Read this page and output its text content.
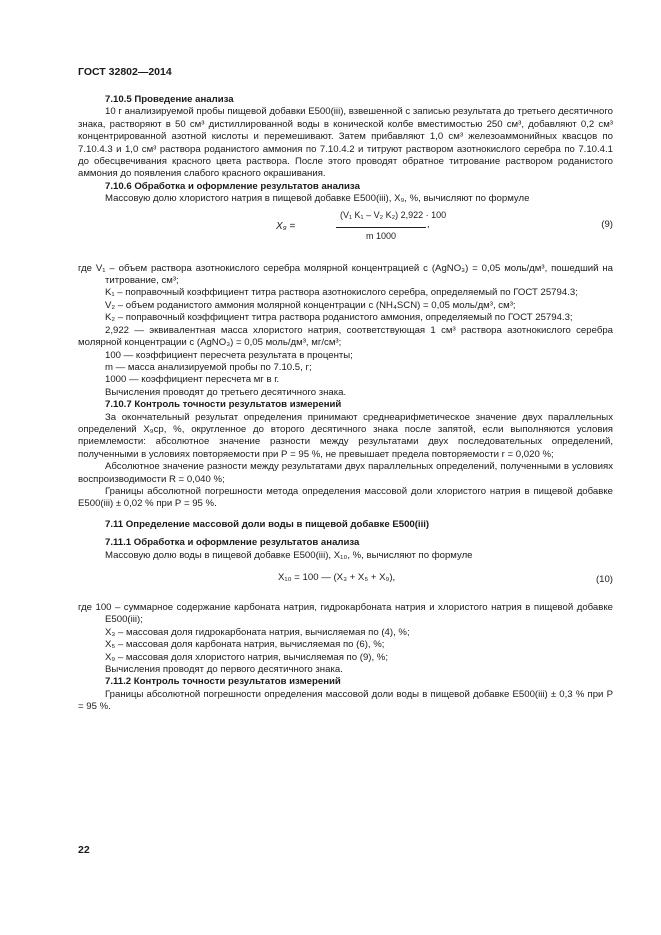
ГОСТ 32802—2014

7.10.5 Проведение анализа

10 г анализируемой пробы пищевой добавки Е500(iii), взвешенной с записью результата до третьего десятичного знака, растворяют в 50 см³ дистиллированной воды в конической колбе вместимостью 250 см³, добавляют 0,2 см³ концентрированной азотной кислоты и перемешивают. Затем прибавляют 1,0 см³ железоаммонийных квасцов по 7.10.4.3 и 1,0 см³ раствора роданистого аммония по 7.10.4.2 и титруют раствором азотнокислого серебра по 7.10.4.1 до обесцвечивания красного цвета раствора. После этого проводят обратное титрование раствором роданистого аммония до появления слабого красного окрашивания.

7.10.6 Обработка и оформление результатов анализа

Массовую долю хлористого натрия в пищевой добавке Е500(iii), X₉, %, вычисляют по формуле

X₉ =
(V₁ K₁ – V₂ K₂) 2,922 · 100
m 1000
,	(9)

где V₁ – объем раствора азотнокислого серебра молярной концентрацией с (AgNO₃) = 0,05 моль/дм³, пошедший на титрование, см³;

K₁ – поправочный коэффициент титра раствора азотнокислого серебра, определяемый по ГОСТ 25794.3;

V₂ – объем роданистого аммония молярной концентрации с (NH₄SCN) = 0,05 моль/дм³, см³;

K₂ – поправочный коэффициент титра раствора роданистого аммония, определяемый по ГОСТ 25794.3;

2,922 — эквивалентная масса хлористого натрия, соответствующая 1 см³ раствора азотнокислого серебра молярной концентрации с (AgNO₃) = 0,05 моль/дм³, мг/см³;

100 — коэффициент пересчета результата в проценты;

m — масса анализируемой пробы по 7.10.5, г;

1000 — коэффициент пересчета мг в г.

Вычисления проводят до третьего десятичного знака.

7.10.7 Контроль точности результатов измерений

За окончательный результат определения принимают среднеарифметическое значение двух параллельных определений X₉ср, %, округленное до второго десятичного знака после запятой, если выполняются условия приемлемости: абсолютное значение разности между результатами двух последовательных определений, полученными в условиях повторяемости при Р = 95 %, не превышает предела повторяемости r = 0,020 %;

Абсолютное значение разности между результатами двух параллельных определений, полученными в условиях воспроизводимости R = 0,040 %;

Границы абсолютной погрешности метода определения массовой доли хлористого натрия в пищевой добавке Е500(iii) ± 0,02 % при Р = 95 %.

7.11 Определение массовой доли воды в пищевой добавке Е500(iii)

7.11.1 Обработка и оформление результатов анализа

Массовую долю воды в пищевой добавке Е500(iii), X₁₀, %, вычисляют по формуле

X₁₀ = 100 — (X₃ + X₅ + X₉),	(10)

где 100 – суммарное содержание карбоната натрия, гидрокарбоната натрия и хлористого натрия в пищевой добавке Е500(iii);

X₃ – массовая доля гидрокарбоната натрия, вычисляемая по (4), %;

X₅ – массовая доля карбоната натрия, вычисляемая по (6), %;

X₉ – массовая доля хлористого натрия, вычисляемая по (9), %;

Вычисления проводят до первого десятичного знака.

7.11.2 Контроль точности результатов измерений

Границы абсолютной погрешности определения массовой доли воды в пищевой добавке Е500(iii) ± 0,3 % при Р = 95 %.

22
